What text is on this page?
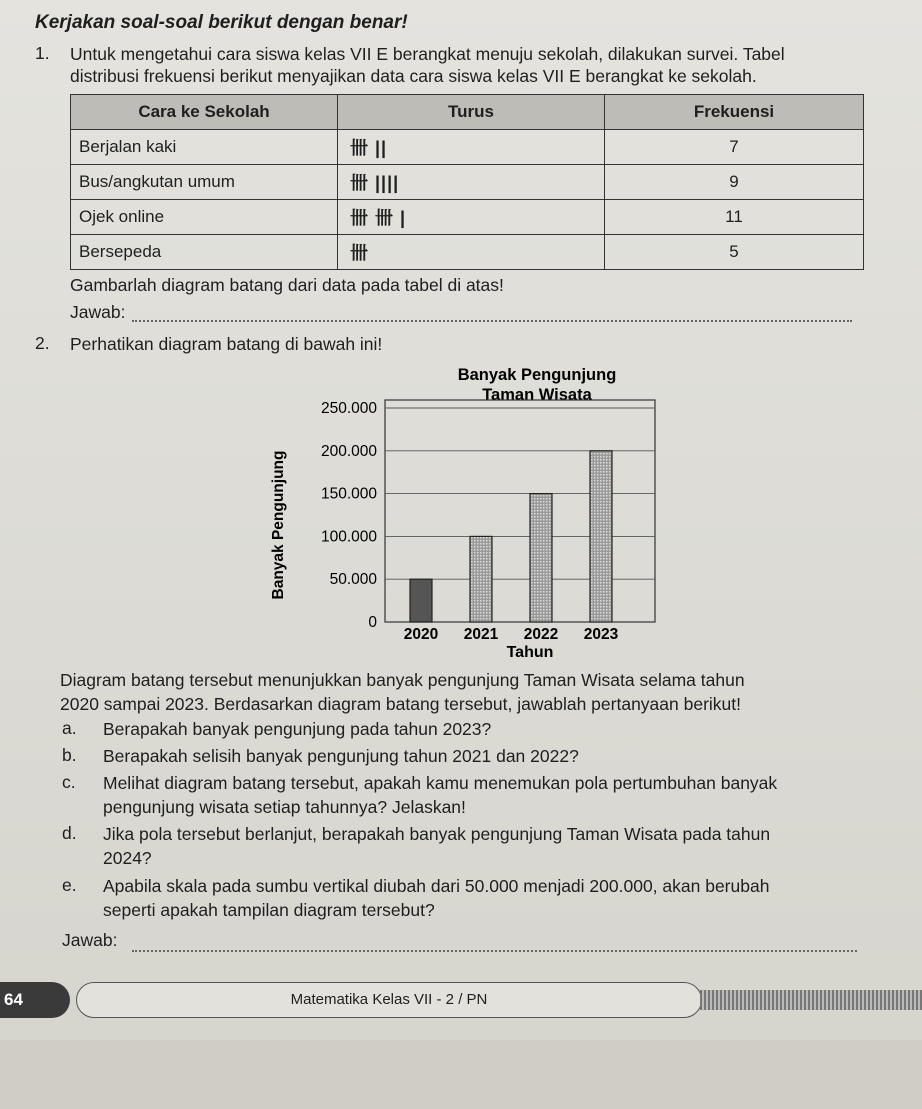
Kerjakan soal-soal berikut dengan benar!
1. Untuk mengetahui cara siswa kelas VII E berangkat menuju sekolah, dilakukan survei. Tabel
distribusi frekuensi berikut menyajikan data cara siswa kelas VII E berangkat ke sekolah.
Cara ke Sekolah	Turus	Frekuensi
Berjalan kaki	卌 ||	7
Bus/angkutan umum	卌 ||||	9
Ojek online	卌 卌 |	11
Bersepeda	卌	5
Gambarlah diagram batang dari data pada tabel di atas!
Jawab:
2. Perhatikan diagram batang di bawah ini!
Banyak Pengunjung
Taman Wisata
Banyak Pengunjung
0
50.000
100.000
150.000
200.000
250.000
2020 2021 2022 2023
Tahun
Diagram batang tersebut menunjukkan banyak pengunjung Taman Wisata selama tahun
2020 sampai 2023. Berdasarkan diagram batang tersebut, jawablah pertanyaan berikut!
a. Berapakah banyak pengunjung pada tahun 2023?
b. Berapakah selisih banyak pengunjung tahun 2021 dan 2022?
c. Melihat diagram batang tersebut, apakah kamu menemukan pola pertumbuhan banyak
pengunjung wisata setiap tahunnya? Jelaskan!
d. Jika pola tersebut berlanjut, berapakah banyak pengunjung Taman Wisata pada tahun
2024?
e. Apabila skala pada sumbu vertikal diubah dari 50.000 menjadi 200.000, akan berubah
seperti apakah tampilan diagram tersebut?
Jawab:
64	Matematika Kelas VII - 2 / PN
